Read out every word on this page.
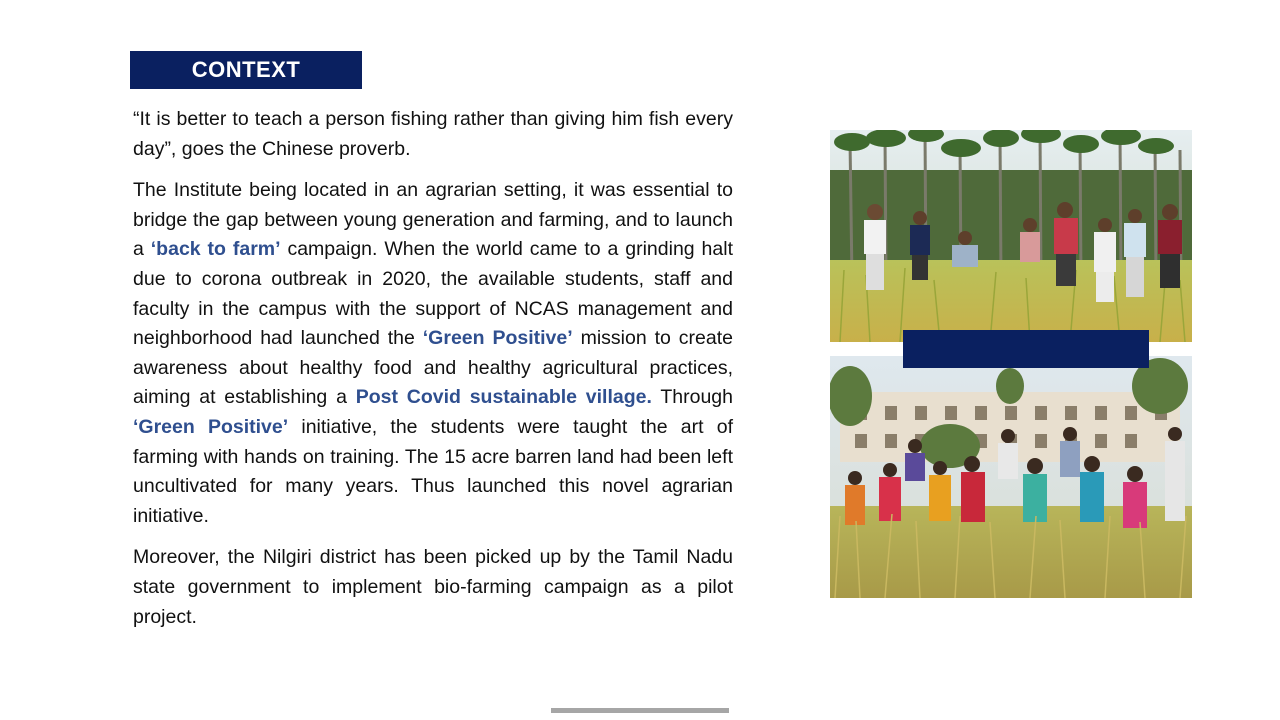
CONTEXT

“It is better to teach a person fishing rather than giving him fish every day”, goes the Chinese proverb.

The Institute being located in an agrarian setting, it was essential to bridge the gap between young generation and farming, and to launch a ‘back to farm’ campaign. When the world came to a grinding halt due to corona outbreak in 2020, the available students, staff and faculty in the campus with the support of NCAS management and neighborhood had launched the ‘Green Positive’ mission to create awareness about healthy food and healthy agricultural practices, aiming at establishing a Post Covid sustainable village. Through ‘Green Positive’ initiative, the students were taught the art of farming with hands on training. The 15 acre barren land had been left uncultivated for many years. Thus launched this novel agrarian initiative.

Moreover, the Nilgiri district has been picked up by the Tamil Nadu state government to implement bio-farming campaign as a pilot project.
